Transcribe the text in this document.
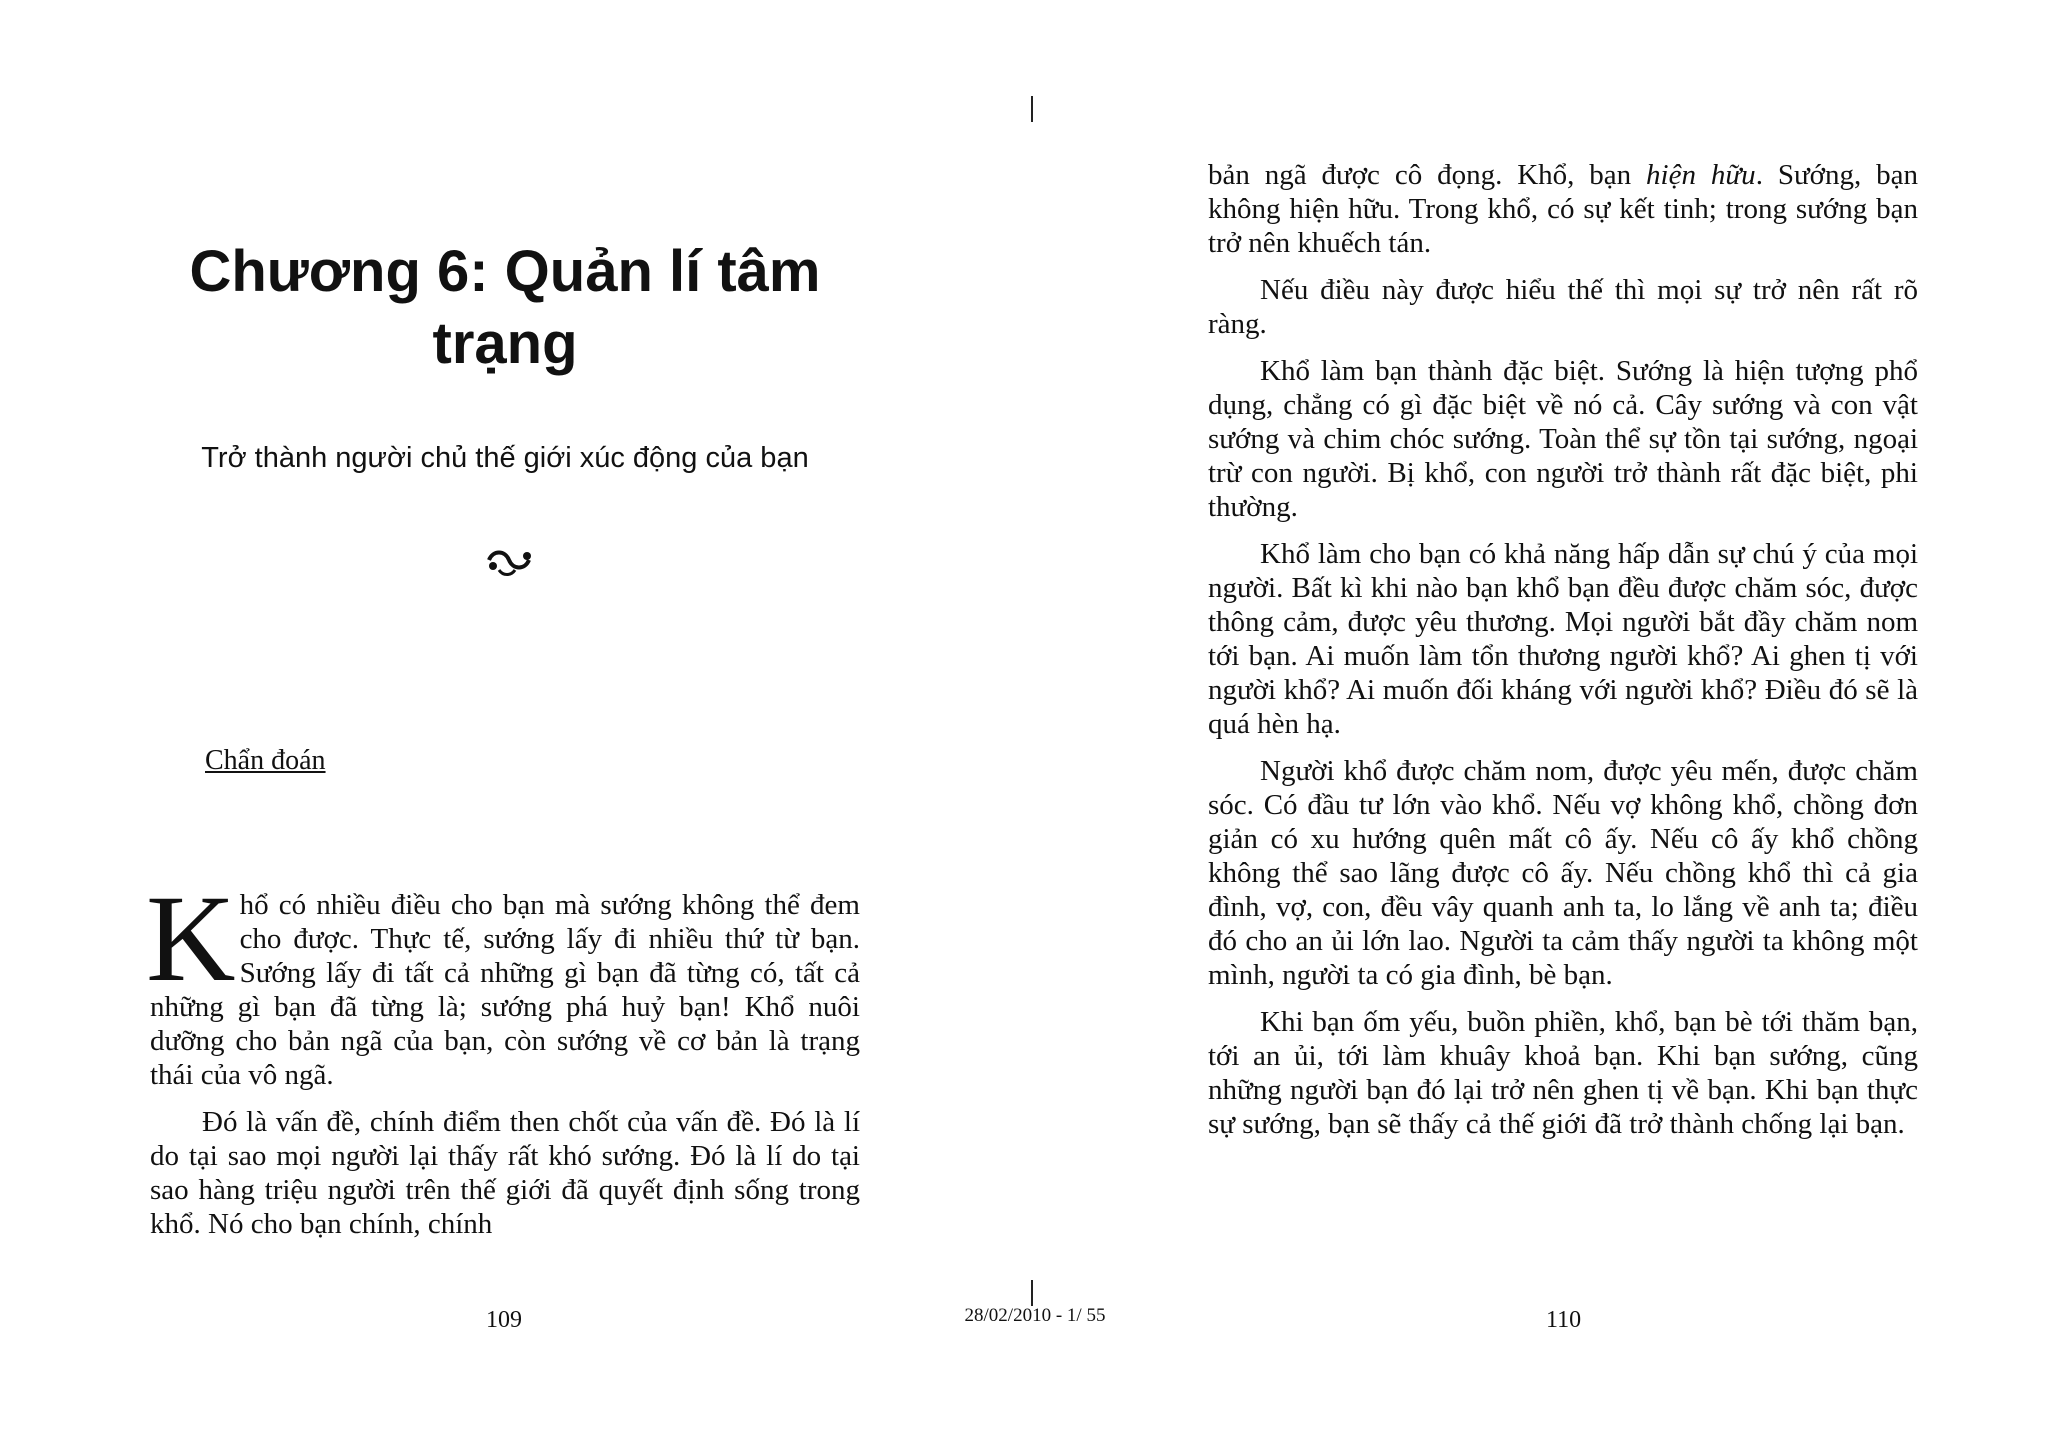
Chương 6: Quản lí tâm trạng

Trở thành người chủ thế giới xúc động của bạn

Chẩn đoán

Khổ có nhiều điều cho bạn mà sướng không thể đem cho được. Thực tế, sướng lấy đi nhiều thứ từ bạn. Sướng lấy đi tất cả những gì bạn đã từng có, tất cả những gì bạn đã từng là; sướng phá huỷ bạn! Khổ nuôi dưỡng cho bản ngã của bạn, còn sướng về cơ bản là trạng thái của vô ngã.

Đó là vấn đề, chính điểm then chốt của vấn đề. Đó là lí do tại sao mọi người lại thấy rất khó sướng. Đó là lí do tại sao hàng triệu người trên thế giới đã quyết định sống trong khổ. Nó cho bạn chính, chính

109	28/02/2010 - 1/ 55

bản ngã được cô đọng. Khổ, bạn hiện hữu. Sướng, bạn không hiện hữu. Trong khổ, có sự kết tinh; trong sướng bạn trở nên khuếch tán.

Nếu điều này được hiểu thế thì mọi sự trở nên rất rõ ràng.

Khổ làm bạn thành đặc biệt. Sướng là hiện tượng phổ dụng, chẳng có gì đặc biệt về nó cả. Cây sướng và con vật sướng và chim chóc sướng. Toàn thể sự tồn tại sướng, ngoại trừ con người. Bị khổ, con người trở thành rất đặc biệt, phi thường.

Khổ làm cho bạn có khả năng hấp dẫn sự chú ý của mọi người. Bất kì khi nào bạn khổ bạn đều được chăm sóc, được thông cảm, được yêu thương. Mọi người bắt đầy chăm nom tới bạn. Ai muốn làm tổn thương người khổ? Ai ghen tị với người khổ? Ai muốn đối kháng với người khổ? Điều đó sẽ là quá hèn hạ.

Người khổ được chăm nom, được yêu mến, được chăm sóc. Có đầu tư lớn vào khổ. Nếu vợ không khổ, chồng đơn giản có xu hướng quên mất cô ấy. Nếu cô ấy khổ chồng không thể sao lãng được cô ấy. Nếu chồng khổ thì cả gia đình, vợ, con, đều vây quanh anh ta, lo lắng về anh ta; điều đó cho an ủi lớn lao. Người ta cảm thấy người ta không một mình, người ta có gia đình, bè bạn.

Khi bạn ốm yếu, buồn phiền, khổ, bạn bè tới thăm bạn, tới an ủi, tới làm khuây khoả bạn. Khi bạn sướng, cũng những người bạn đó lại trở nên ghen tị về bạn. Khi bạn thực sự sướng, bạn sẽ thấy cả thế giới đã trở thành chống lại bạn.

110
